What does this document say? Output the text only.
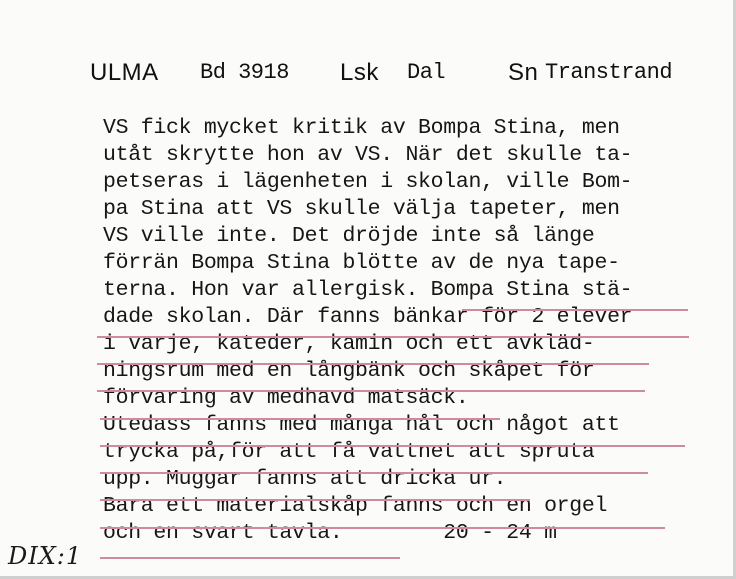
ULMA Bd 3918 Lsk Dal	Sn Transtrand
VS fick mycket kritik av Bompa Stina, men
utåt skrytte hon av VS. När det skulle ta-
petseras i lägenheten i skolan, ville Bom-
pa Stina att VS skulle välja tapeter, men
VS ville inte. Det dröjde inte så länge
förrän Bompa Stina blötte av de nya tape-
terna. Hon var allergisk. Bompa Stina stä-
dade skolan. Där fanns bänkar för 2 elever
i varje, kateder, kamin och ett avkläd-
ningsrum med en långbänk och skåpet för
förvaring av medhavd matsäck.
Utedass fanns med många hål och något att
trycka på,för att få vattnet att spruta
upp. Muggar fanns att dricka ur.
Bara ett materialskåp fanns och en orgel
och en svart tavla.        20 - 24 m
DIX:1
